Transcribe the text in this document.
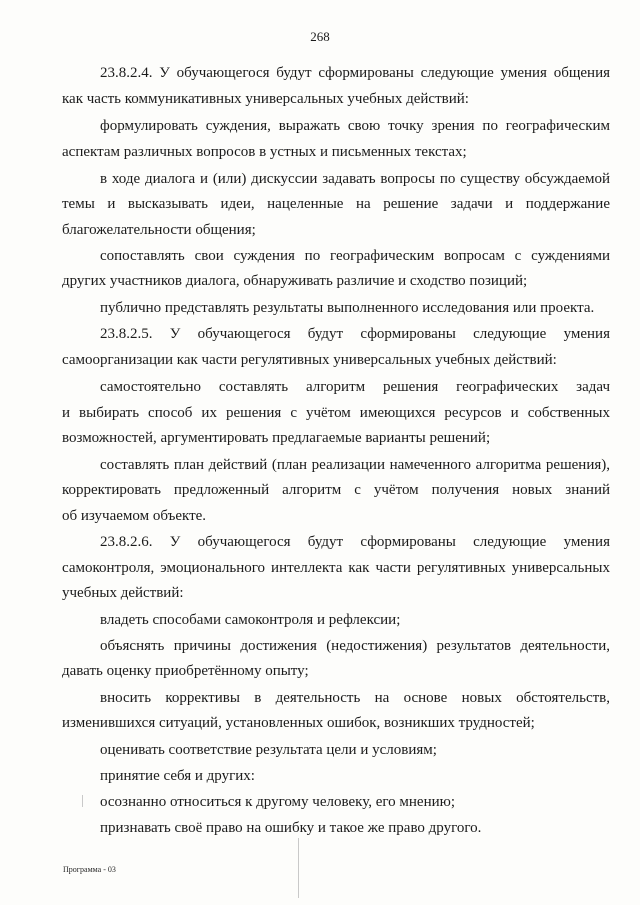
268
23.8.2.4. У обучающегося будут сформированы следующие умения общения
как часть коммуникативных универсальных учебных действий:
формулировать суждения, выражать свою точку зрения по географическим
аспектам различных вопросов в устных и письменных текстах;
в ходе диалога и (или) дискуссии задавать вопросы по существу обсуждаемой
темы и высказывать идеи, нацеленные на решение задачи и поддержание
благожелательности общения;
сопоставлять свои суждения по географическим вопросам с суждениями
других участников диалога, обнаруживать различие и сходство позиций;
публично представлять результаты выполненного исследования или проекта.
23.8.2.5. У обучающегося будут сформированы следующие умения
самоорганизации как части регулятивных универсальных учебных действий:
самостоятельно составлять алгоритм решения географических задач
и выбирать способ их решения с учётом имеющихся ресурсов и собственных
возможностей, аргументировать предлагаемые варианты решений;
составлять план действий (план реализации намеченного алгоритма решения),
корректировать предложенный алгоритм с учётом получения новых знаний
об изучаемом объекте.
23.8.2.6. У обучающегося будут сформированы следующие умения
самоконтроля, эмоционального интеллекта как части регулятивных универсальных
учебных действий:
владеть способами самоконтроля и рефлексии;
объяснять причины достижения (недостижения) результатов деятельности,
давать оценку приобретённому опыту;
вносить коррективы в деятельность на основе новых обстоятельств,
изменившихся ситуаций, установленных ошибок, возникших трудностей;
оценивать соответствие результата цели и условиям;
принятие себя и других:
осознанно относиться к другому человеку, его мнению;
признавать своё право на ошибку и такое же право другого.
Программа - 03
